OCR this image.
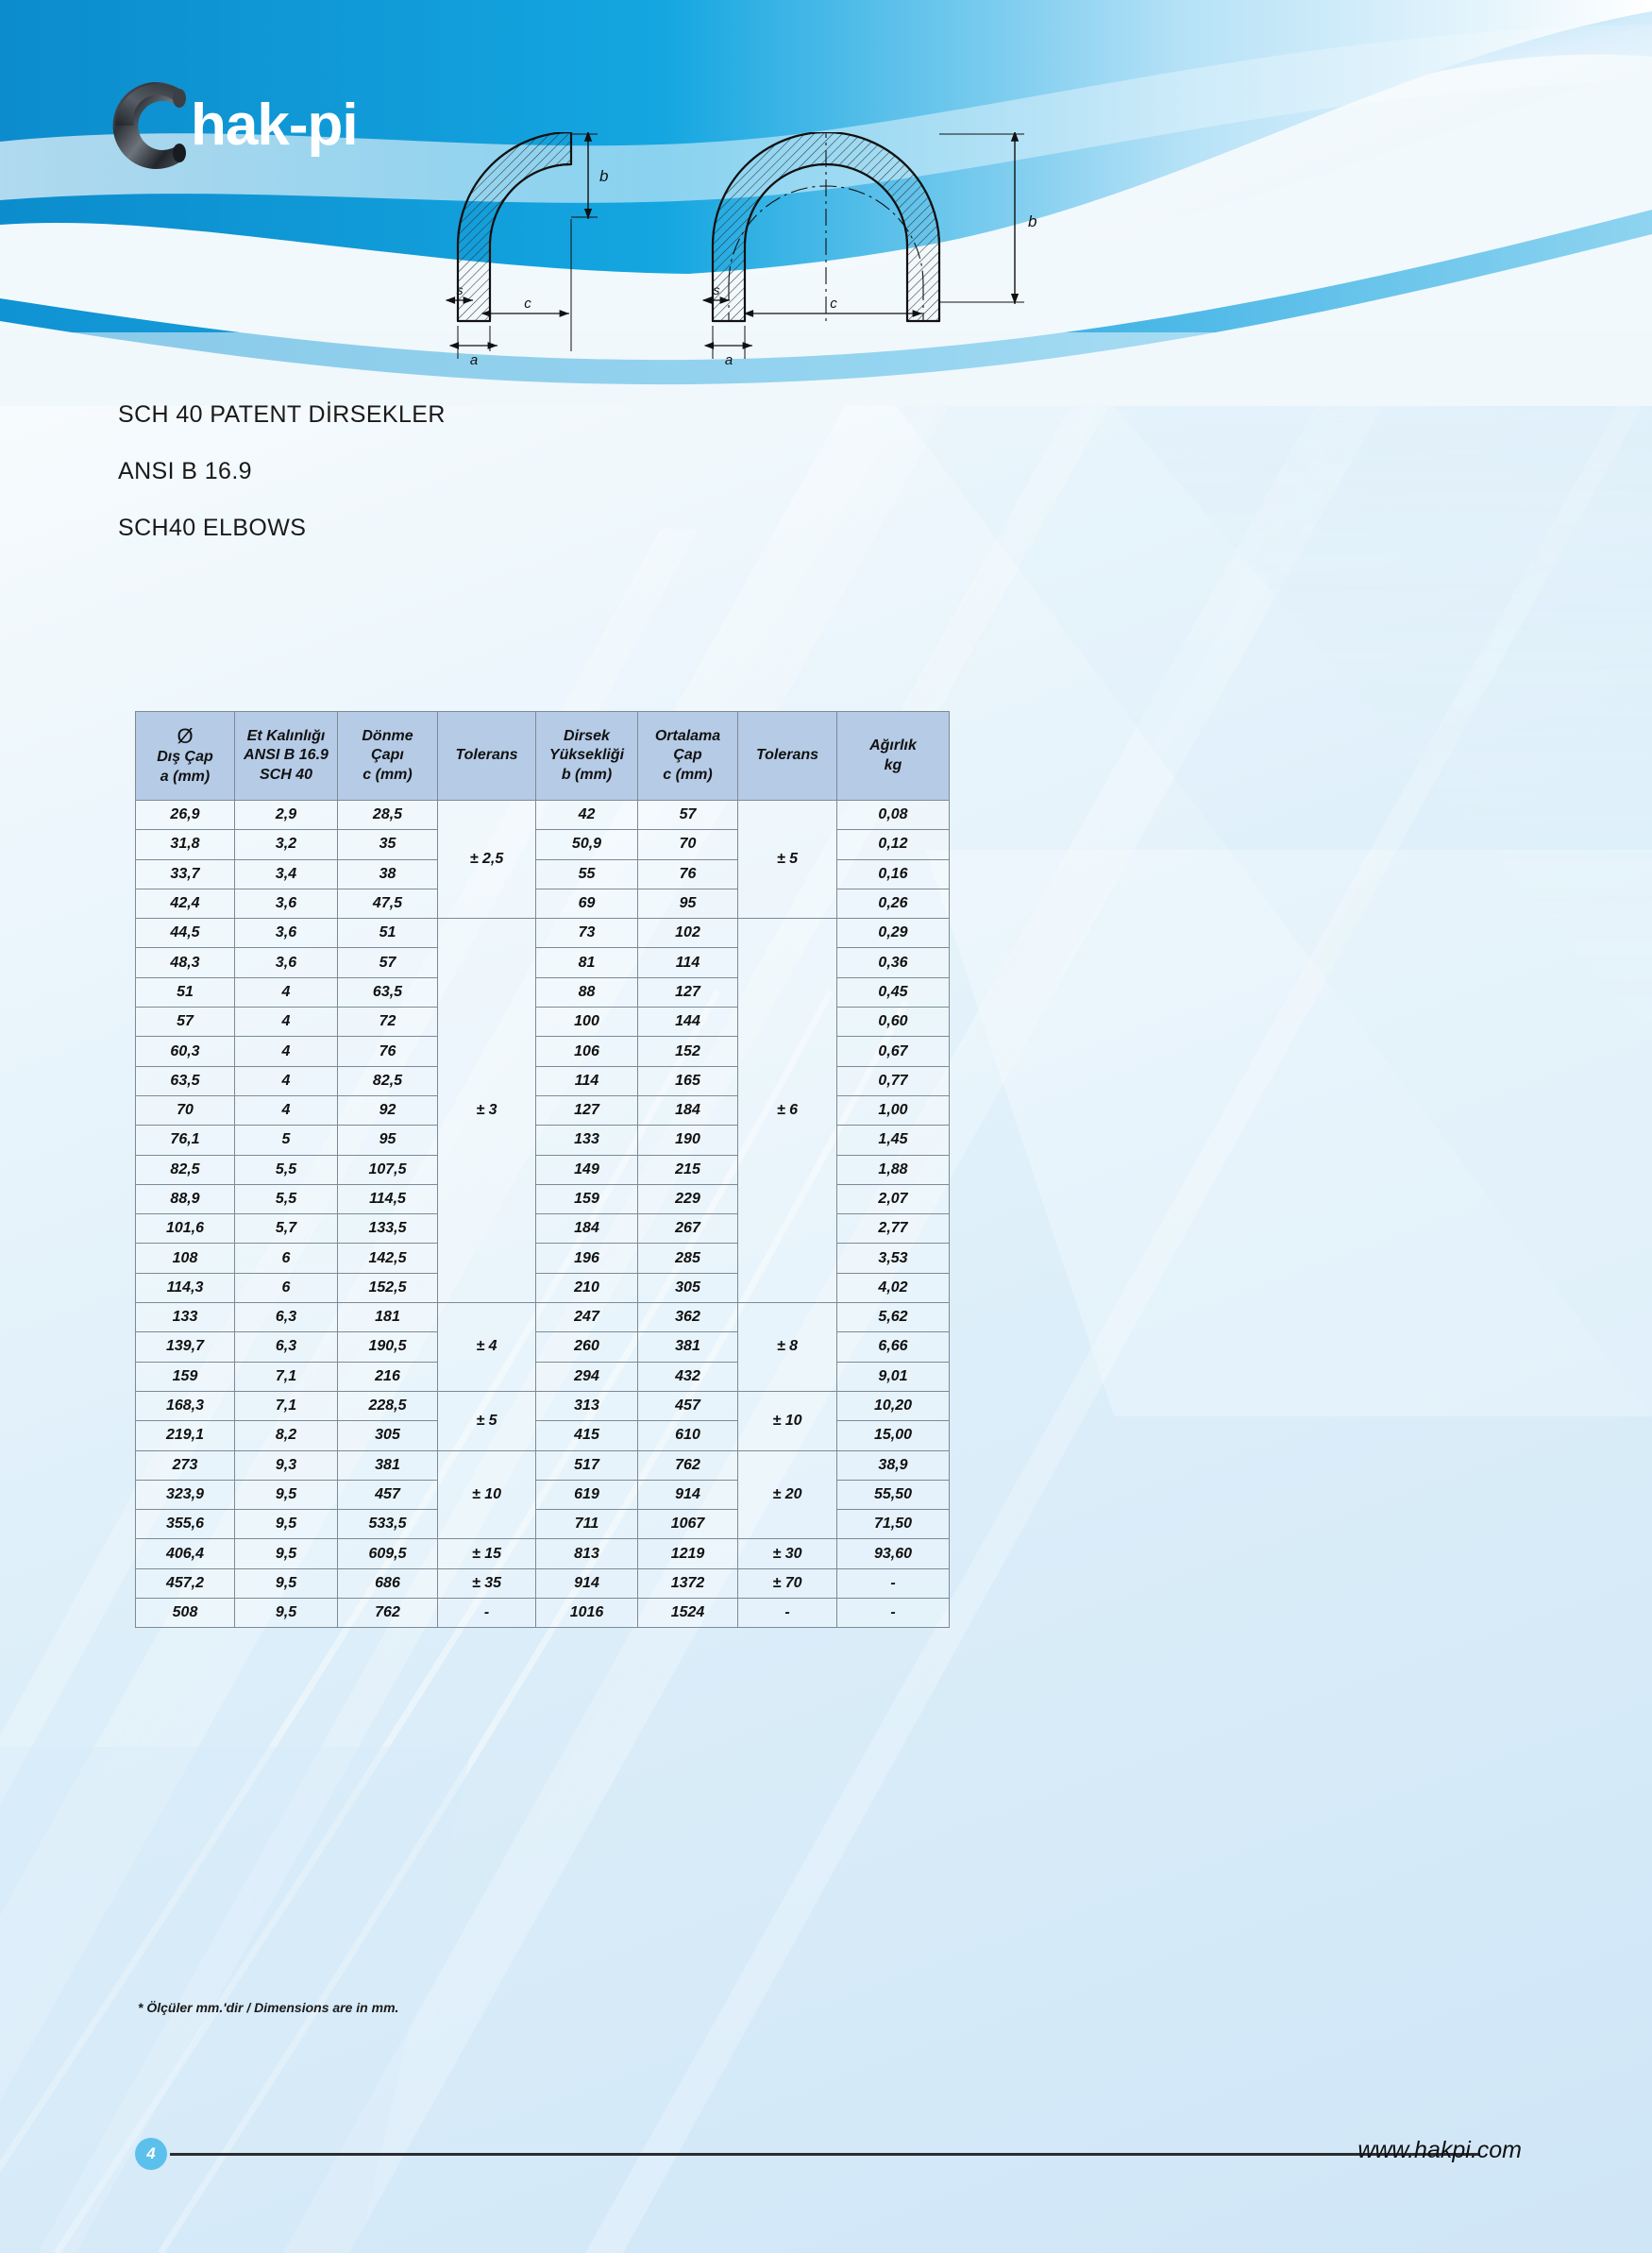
hak-pi
SCH 40 PATENT DİRSEKLER
ANSI B 16.9
SCH40 ELBOWS
b
s
c
a
b
s
c
a
Ø
Dış Çap
a (mm)	Et Kalınlığı
ANSI B 16.9
SCH 40	Dönme
Çapı
c (mm)	Tolerans	Dirsek
Yüksekliği
b (mm)	Ortalama
Çap
c (mm)	Tolerans	Ağırlık
kg
26,9	2,9	28,5	± 2,5	42	57	± 5	0,08
31,8	3,2	35		50,9	70		0,12
33,7	3,4	38		55	76		0,16
42,4	3,6	47,5		69	95		0,26
44,5	3,6	51	± 3	73	102	± 6	0,29
48,3	3,6	57		81	114		0,36
51	4	63,5		88	127		0,45
57	4	72		100	144		0,60
60,3	4	76		106	152		0,67
63,5	4	82,5		114	165		0,77
70	4	92		127	184		1,00
76,1	5	95		133	190		1,45
82,5	5,5	107,5		149	215		1,88
88,9	5,5	114,5		159	229		2,07
101,6	5,7	133,5		184	267		2,77
108	6	142,5		196	285		3,53
114,3	6	152,5		210	305		4,02
133	6,3	181	± 4	247	362	± 8	5,62
139,7	6,3	190,5		260	381		6,66
159	7,1	216		294	432		9,01
168,3	7,1	228,5	± 5	313	457	± 10	10,20
219,1	8,2	305		415	610		15,00
273	9,3	381	± 10	517	762	± 20	38,9
323,9	9,5	457		619	914		55,50
355,6	9,5	533,5		711	1067		71,50
406,4	9,5	609,5	± 15	813	1219	± 30	93,60
457,2	9,5	686	± 35	914	1372	± 70	-
508	9,5	762	-	1016	1524	-	-
* Ölçüler mm.'dir / Dimensions are in mm.
4	www.hakpi.com
